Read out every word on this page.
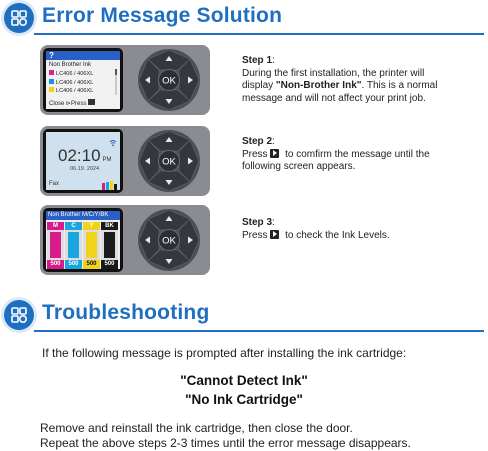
Error Message Solution
?
Non Brother Ink
LC406 / 406XL
LC406 / 406XL
LC406 / 406XL
Close ⊳Press
OK
02:10 PM
06.19. 2024
Fax
OK
Non Brother M/C/Y/BK
M
500
C
500
Y
500
BK
500
OK
Step 1:
During the first installation, the printer will
display "Non-Brother Ink". This is a normal
message and will not affect your print job.
Step 2:
Press  to comfirm the message until the
following screen appears.
Step 3:
Press  to check the Ink Levels.
Troubleshooting
If the following message is prompted after installing the ink cartridge:
"Cannot Detect Ink"
"No Ink Cartridge"
Remove and reinstall the ink cartridge, then close the door.
Repeat the above steps 2-3 times until the error message disappears.
